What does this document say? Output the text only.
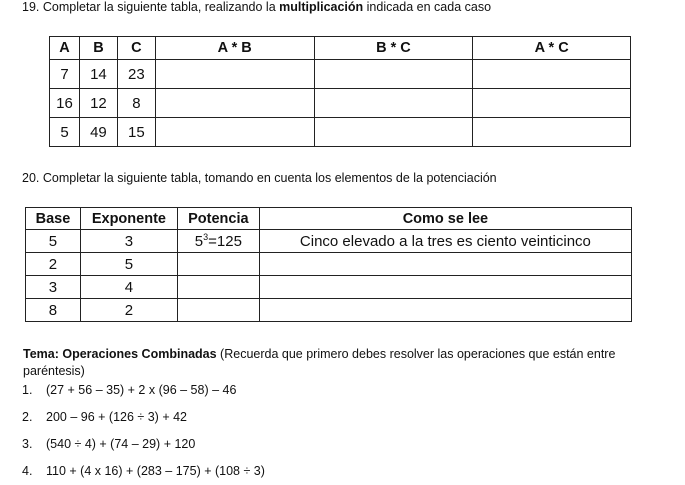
19. Completar la siguiente tabla, realizando la multiplicación indicada en cada caso
A	B	C	A * B	B * C	A * C
7	14	23			
16	12	8			
5	49	15			
20. Completar la siguiente tabla, tomando en cuenta los elementos de la potenciación
Base	Exponente	Potencia	Como se lee
5	3	$5^3=125$	Cinco elevado a la tres es ciento veinticinco
2	5		
3	4		
8	2		
Tema: Operaciones Combinadas (Recuerda que primero debes resolver las operaciones que están entre paréntesis)
1. (27 + 56 – 35) + 2 x (96 – 58) – 46
2. 200 – 96 + (126 ÷ 3) + 42
3. (540 ÷ 4) + (74 – 29) + 120
4. 110 + (4 x 16) + (283 – 175) + (108 ÷ 3)
